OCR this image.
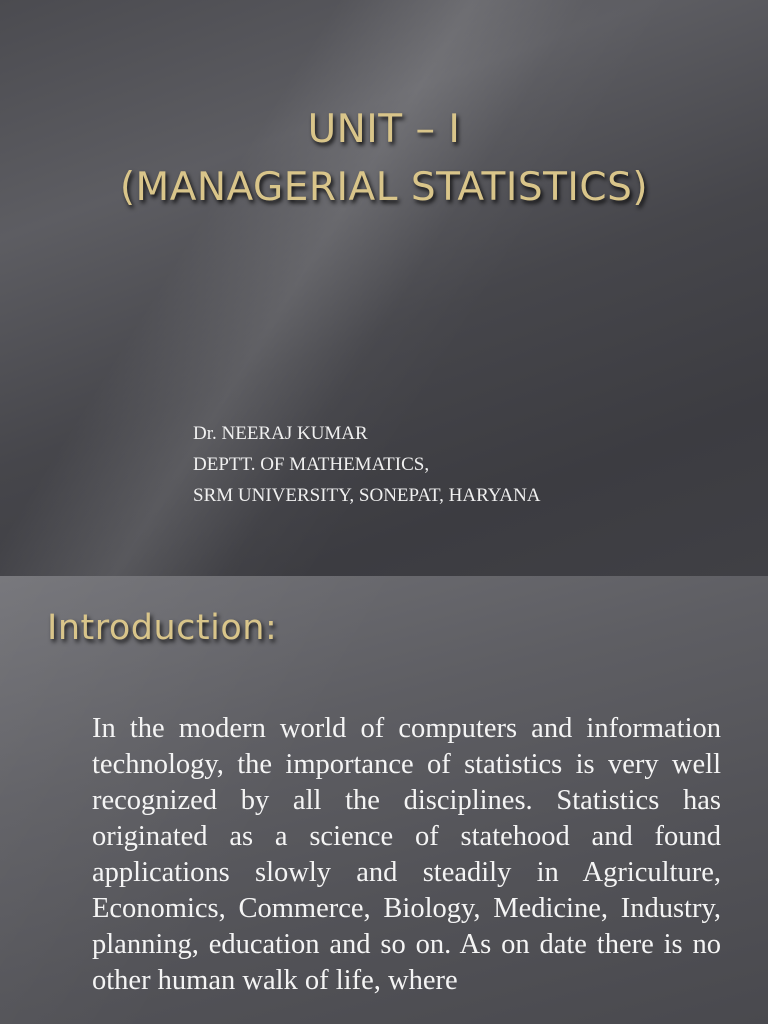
UNIT – I
(MANAGERIAL STATISTICS)
Dr. NEERAJ KUMAR
DEPTT. OF MATHEMATICS,
SRM UNIVERSITY, SONEPAT, HARYANA
Introduction:

In the modern world of computers and information technology, the importance of statistics is very well recognized by all the disciplines. Statistics has originated as a science of statehood and found applications slowly and steadily in Agriculture, Economics, Commerce, Biology, Medicine, Industry, planning, education and so on. As on date there is no other human walk of life, where
